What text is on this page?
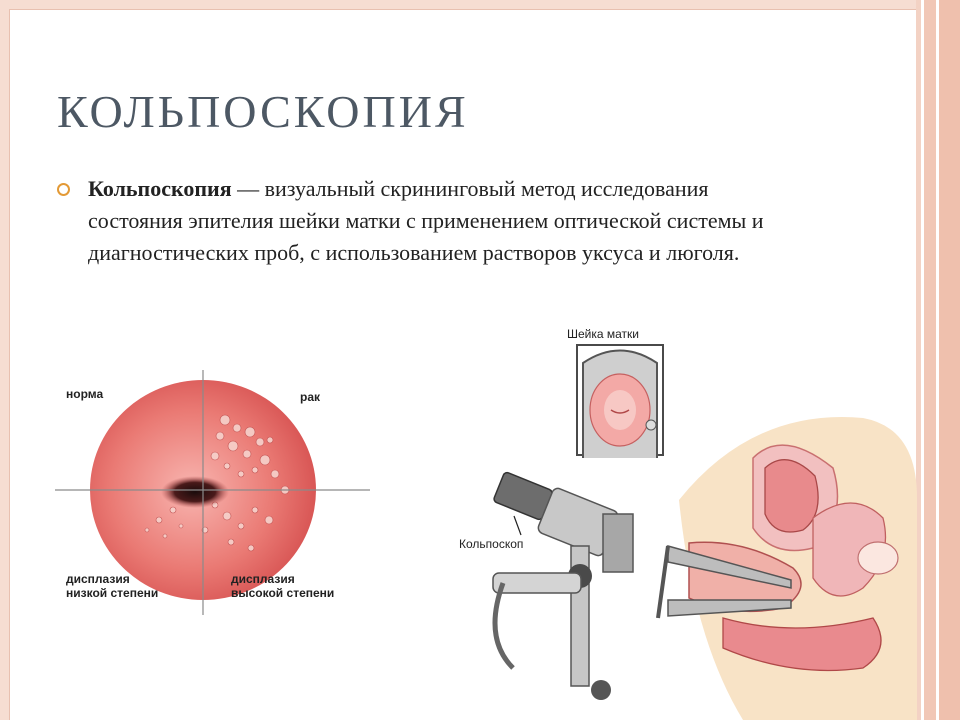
КОЛЬПОСКОПИЯ

Кольпоскопия — визуальный скрининговый метод исследования состояния эпителия шейки матки с применением оптической системы и диагностических проб, с использованием растворов уксуса и люголя.

норма	рак
дисплазия
низкой степени
дисплазия
высокой степени
Шейка матки
Кольпоскоп
